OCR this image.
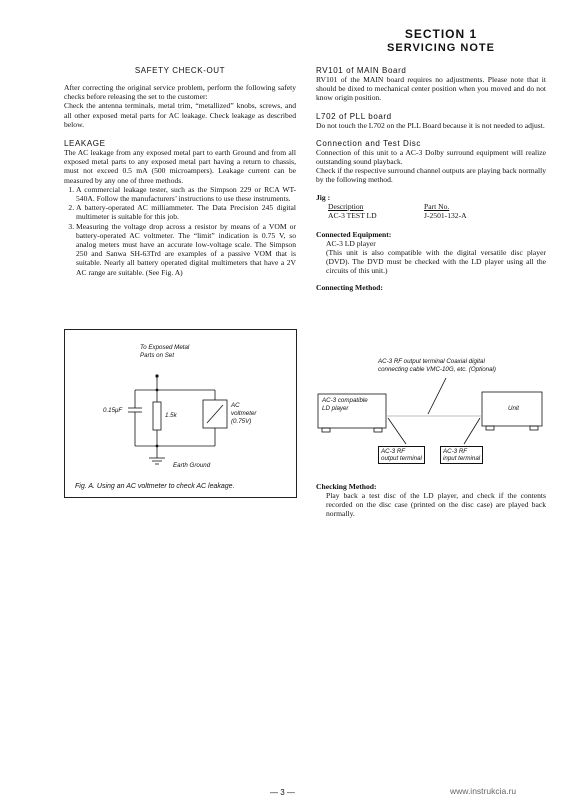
SECTION 1
SERVICING NOTE

SAFETY CHECK-OUT

After correcting the original service problem, perform the following safety checks before releasing the set to the customer:

Check the antenna terminals, metal trim, “metallized” knobs, screws, and all other exposed metal parts for AC leakage. Check leakage as described below.

LEAKAGE

The AC leakage from any exposed metal part to earth Ground and from all exposed metal parts to any exposed metal part having a return to chassis, must not exceed 0.5 mA (500 microampers). Leakage current can be measured by any one of three methods.

1. A commercial leakage tester, such as the Simpson 229 or RCA WT-540A. Follow the manufacturers’ instructions to use these instruments.
2. A battery-operated AC milliammeter. The Data Precision 245 digital multimeter is suitable for this job.
3. Measuring the voltage drop across a resistor by means of a VOM or battery-operated AC voltmeter. The “limit” indication is 0.75 V, so analog meters must have an accurate low-voltage scale. The Simpson 250 and Sanwa SH-63Trd are examples of a passive VOM that is suitable. Nearly all battery operated digital multimeters that have a 2V AC range are suitable. (See Fig. A)
To Exposed Metal
Parts on Set
0.15μF
1.5k
AC
voltmeter
(0.75V)
Earth Ground
Fig. A. Using an AC voltmeter to check AC leakage.

RV101 of MAIN Board

RV101 of the MAIN board requires no adjustments. Please note that it should be dixed to mechanical center position when you moved and do not know origin position.

L702 of PLL board

Do not touch the L702 on the PLL Board because it is not needed to adjust.

Connection and Test Disc

Connection of this unit to a AC-3 Dolby surround equipment will realize outstanding sound playback.

Check if the respective surround channel outputs are playing back normally by the following method.

Jig :

Description	Part No.
AC-3 TEST LD	J-2501-132-A

Connected Equipment:

AC-3 LD player

(This unit is also compatible with the digital versatile disc player (DVD). The DVD must be checked with the LD player using all the circuits of this unit.)

Connecting Method:

AC-3 RF output terminal Coaxial digital
connecting cable VMC-10G, etc. (Optional)
AC-3 compatible
LD player	Unit
AC-3 RF
output terminal
AC-3 RF
input terminal

Checking Method:

Play back a test disc of the LD player, and check if the contents recorded on the disc case (printed on the disc case) are played back normally.

— 3 —	www.instrukcia.ru
